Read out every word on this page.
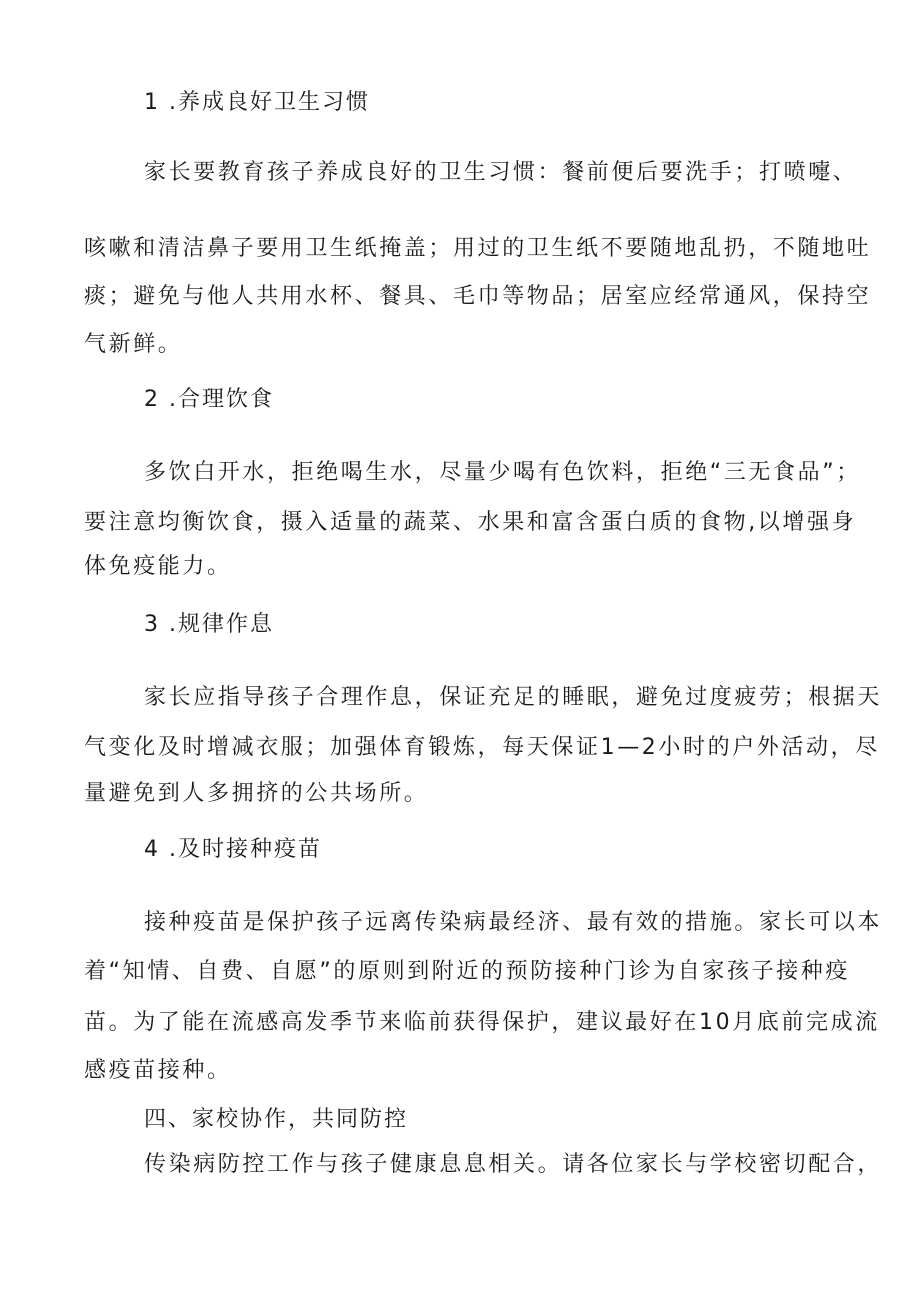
1 .养成良好卫生习惯
家长要教育孩子养成良好的卫生习惯：餐前便后要洗手；打喷嚏、
咳嗽和清洁鼻子要用卫生纸掩盖；用过的卫生纸不要随地乱扔，不随地吐
痰；避免与他人共用水杯、餐具、毛巾等物品；居室应经常通风，保持空
气新鲜。
2 .合理饮食
多饮白开水，拒绝喝生水，尽量少喝有色饮料，拒绝“三无食品”；
要注意均衡饮食，摄入适量的蔬菜、水果和富含蛋白质的食物,以增强身
体免疫能力。
3 .规律作息
家长应指导孩子合理作息，保证充足的睡眠，避免过度疲劳；根据天
气变化及时增减衣服；加强体育锻炼，每天保证1—2小时的户外活动，尽
量避免到人多拥挤的公共场所。
4 .及时接种疫苗
接种疫苗是保护孩子远离传染病最经济、最有效的措施。家长可以本
着“知情、自费、自愿”的原则到附近的预防接种门诊为自家孩子接种疫
苗。为了能在流感高发季节来临前获得保护，建议最好在10月底前完成流
感疫苗接种。
四、家校协作，共同防控
传染病防控工作与孩子健康息息相关。请各位家长与学校密切配合，
